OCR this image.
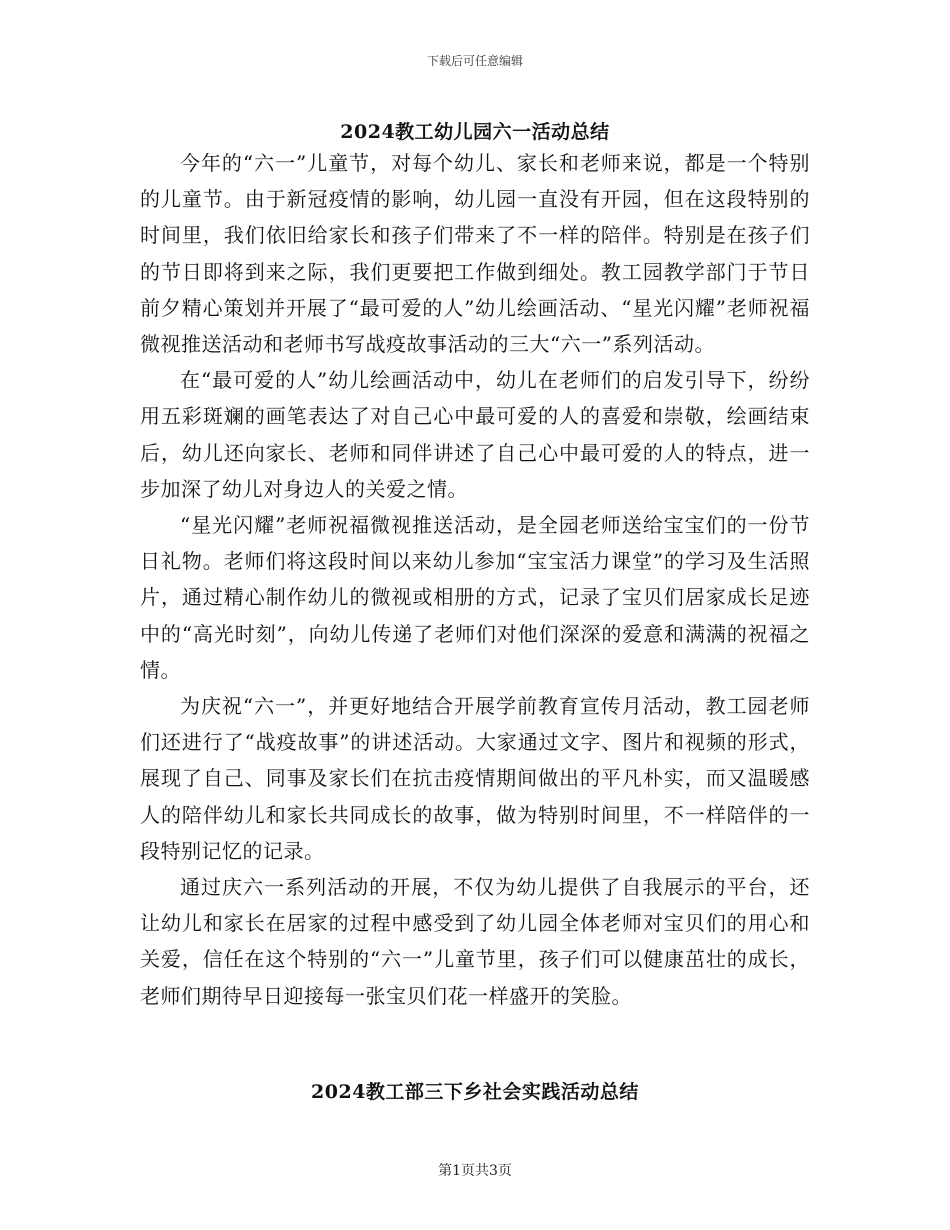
下载后可任意编辑
2024教工幼儿园六一活动总结

今年的“六一”儿童节，对每个幼儿、家长和老师来说，都是一个特别的儿童节。由于新冠疫情的影响，幼儿园一直没有开园，但在这段特别的时间里，我们依旧给家长和孩子们带来了不一样的陪伴。特别是在孩子们的节日即将到来之际，我们更要把工作做到细处。教工园教学部门于节日前夕精心策划并开展了“最可爱的人”幼儿绘画活动、“星光闪耀”老师祝福微视推送活动和老师书写战疫故事活动的三大“六一”系列活动。

在“最可爱的人”幼儿绘画活动中，幼儿在老师们的启发引导下，纷纷用五彩斑斓的画笔表达了对自己心中最可爱的人的喜爱和崇敬，绘画结束后，幼儿还向家长、老师和同伴讲述了自己心中最可爱的人的特点，进一步加深了幼儿对身边人的关爱之情。

“星光闪耀”老师祝福微视推送活动，是全园老师送给宝宝们的一份节日礼物。老师们将这段时间以来幼儿参加“宝宝活力课堂”的学习及生活照片，通过精心制作幼儿的微视或相册的方式，记录了宝贝们居家成长足迹中的“高光时刻”，向幼儿传递了老师们对他们深深的爱意和满满的祝福之情。

为庆祝“六一”，并更好地结合开展学前教育宣传月活动，教工园老师们还进行了“战疫故事”的讲述活动。大家通过文字、图片和视频的形式，展现了自己、同事及家长们在抗击疫情期间做出的平凡朴实，而又温暖感人的陪伴幼儿和家长共同成长的故事，做为特别时间里，不一样陪伴的一段特别记忆的记录。

通过庆六一系列活动的开展，不仅为幼儿提供了自我展示的平台，还让幼儿和家长在居家的过程中感受到了幼儿园全体老师对宝贝们的用心和关爱，信任在这个特别的“六一”儿童节里，孩子们可以健康茁壮的成长，老师们期待早日迎接每一张宝贝们花一样盛开的笑脸。

2024教工部三下乡社会实践活动总结
第1页共3页
